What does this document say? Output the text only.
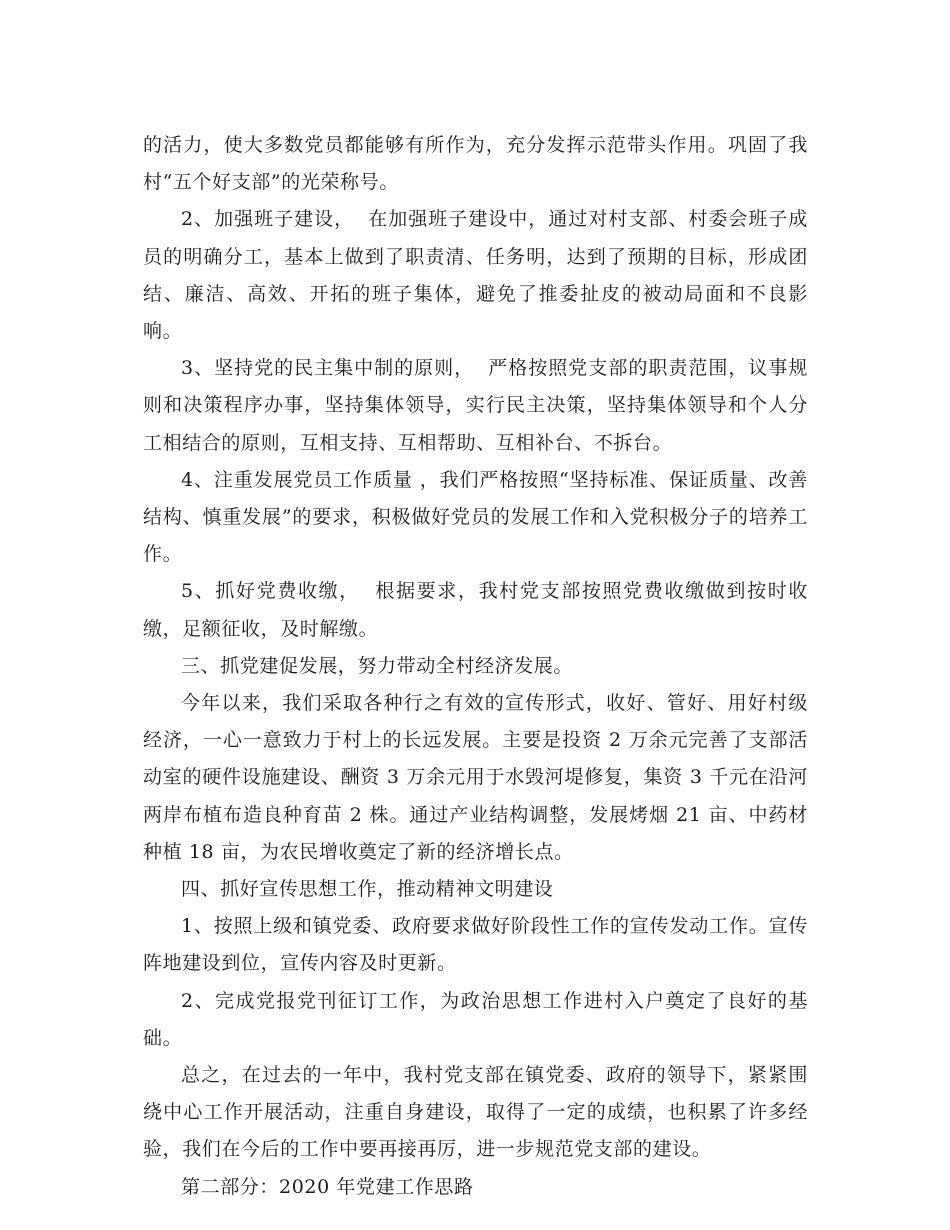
的活力，使大多数党员都能够有所作为，充分发挥示范带头作用。巩固了我村“五个好支部”的光荣称号。

2、加强班子建设，  在加强班子建设中，通过对村支部、村委会班子成员的明确分工，基本上做到了职责清、任务明，达到了预期的目标，形成团结、廉洁、高效、开拓的班子集体，避免了推委扯皮的被动局面和不良影响。

3、坚持党的民主集中制的原则，  严格按照党支部的职责范围，议事规则和决策程序办事，坚持集体领导，实行民主决策，坚持集体领导和个人分工相结合的原则，互相支持、互相帮助、互相补台、不拆台。

4、注重发展党员工作质量 ，我们严格按照“坚持标准、保证质量、改善结构、慎重发展”的要求，积极做好党员的发展工作和入党积极分子的培养工作。

5、抓好党费收缴，  根据要求，我村党支部按照党费收缴做到按时收缴，足额征收，及时解缴。

三、抓党建促发展，努力带动全村经济发展。

今年以来，我们采取各种行之有效的宣传形式，收好、管好、用好村级经济，一心一意致力于村上的长远发展。主要是投资 2 万余元完善了支部活动室的硬件设施建设、酬资 3 万余元用于水毁河堤修复，集资 3 千元在沿河两岸布植布造良种育苗 2 株。通过产业结构调整，发展烤烟 21 亩、中药材种植 18 亩，为农民增收奠定了新的经济增长点。

四、抓好宣传思想工作，推动精神文明建设

1、按照上级和镇党委、政府要求做好阶段性工作的宣传发动工作。宣传阵地建设到位，宣传内容及时更新。

2、完成党报党刊征订工作，为政治思想工作进村入户奠定了良好的基础。

总之，在过去的一年中，我村党支部在镇党委、政府的领导下，紧紧围绕中心工作开展活动，注重自身建设，取得了一定的成绩，也积累了许多经验，我们在今后的工作中要再接再厉，进一步规范党支部的建设。

第二部分：2020 年党建工作思路
